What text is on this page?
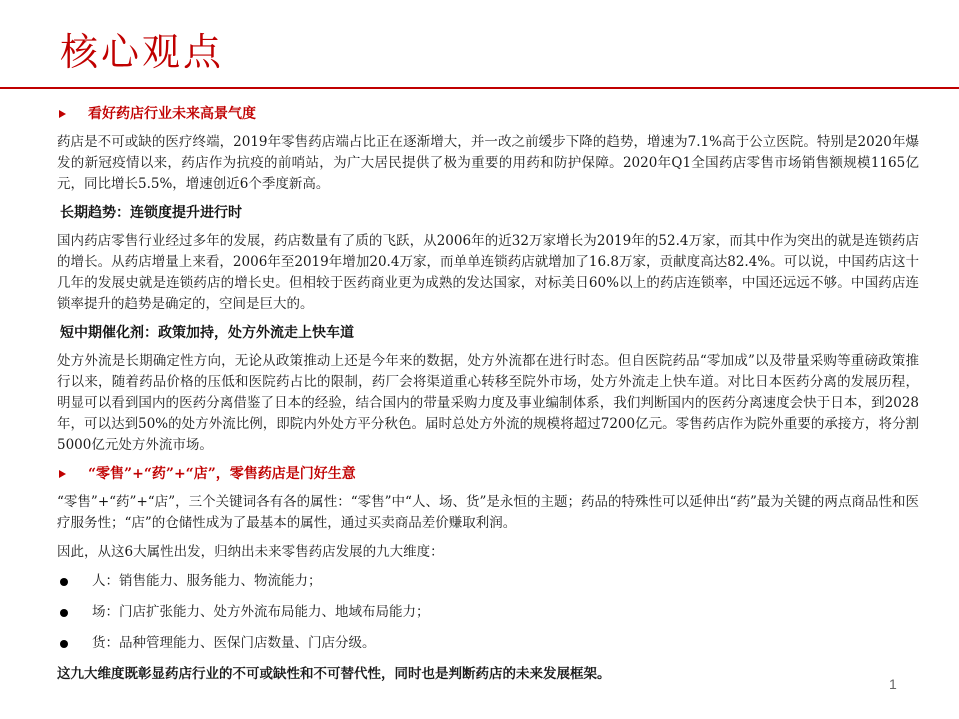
核心观点
看好药店行业未来高景气度

药店是不可或缺的医疗终端，2019年零售药店端占比正在逐渐增大，并一改之前缓步下降的趋势，增速为7.1%高于公立医院。特别是2020年爆发的新冠疫情以来，药店作为抗疫的前哨站，为广大居民提供了极为重要的用药和防护保障。2020年Q1全国药店零售市场销售额规模1165亿元，同比增长5.5%，增速创近6个季度新高。

长期趋势：连锁度提升进行时

国内药店零售行业经过多年的发展，药店数量有了质的飞跃，从2006年的近32万家增长为2019年的52.4万家，而其中作为突出的就是连锁药店的增长。从药店增量上来看，2006年至2019年增加20.4万家，而单单连锁药店就增加了16.8万家，贡献度高达82.4%。可以说，中国药店这十几年的发展史就是连锁药店的增长史。但相较于医药商业更为成熟的发达国家，对标美日60%以上的药店连锁率，中国还远远不够。中国药店连锁率提升的趋势是确定的，空间是巨大的。

短中期催化剂：政策加持，处方外流走上快车道

处方外流是长期确定性方向，无论从政策推动上还是今年来的数据，处方外流都在进行时态。但自医院药品“零加成”以及带量采购等重磅政策推行以来，随着药品价格的压低和医院药占比的限制，药厂会将渠道重心转移至院外市场，处方外流走上快车道。对比日本医药分离的发展历程，明显可以看到国内的医药分离借鉴了日本的经验，结合国内的带量采购力度及事业编制体系，我们判断国内的医药分离速度会快于日本，到2028年，可以达到50%的处方外流比例，即院内外处方平分秋色。届时总处方外流的规模将超过7200亿元。零售药店作为院外重要的承接方，将分割5000亿元处方外流市场。

“零售”+“药”+“店”，零售药店是门好生意

“零售”+“药”+“店”，三个关键词各有各的属性：“零售”中“人、场、货”是永恒的主题；药品的特殊性可以延伸出“药”最为关键的两点商品性和医疗服务性；“店”的仓储性成为了最基本的属性，通过买卖商品差价赚取利润。

因此，从这6大属性出发，归纳出未来零售药店发展的九大维度：

人：销售能力、服务能力、物流能力；
场：门店扩张能力、处方外流布局能力、地域布局能力；
货：品种管理能力、医保门店数量、门店分级。

这九大维度既彰显药店行业的不可或缺性和不可替代性，同时也是判断药店的未来发展框架。

1
